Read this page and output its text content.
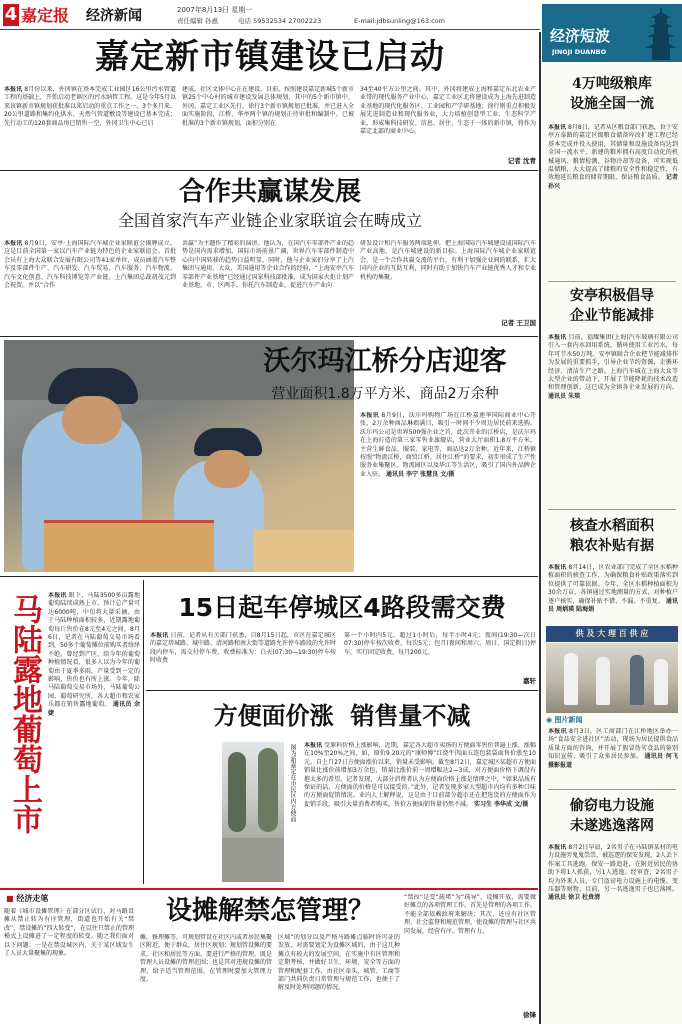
4 嘉定报	经济新闻	2007年8月13日 星期一
责任编辑 孙惠	电话 59532534 27002223	E-mail:jdbsunling@163.com
经济短波
JINGJI DUANBO
4万吨级粮库
设施全国一流
本报讯 8月8日，记者从区粮食部门获悉，位于安亭方泰路的嘉定区级粮食储备库改扩建工程已经基本完成并投入使用，其储量和设施设备均达到全国一流水平。新建的粮库拥有高度自动化的机械通风、粮情检测、谷物冷却等设备，可实现低温储粮，大大提高了储粮的安全性和稳定性，有效地延长粮食的储存期限，保证粮食品质。 记者 孙兴
安亭积极倡导
企业节能减排
本报讯 目前，福耀集团(上海)汽车玻璃有限公司引入一套内水回用系统，循环使用工业污水，每年可节水50万吨。安亭镇联合企业把节能减排作为发展的重要抓手，引导企业节约资源，走循环经济、清洁生产之路。上海汽车城在上海大众等大型企业的带动下，开展了节能降耗的技术改造和管理创新，这已成为全镇各企业发展的方向。 通讯员 朱琰
核查水稻面积
粮农补贴有据
本报讯 8月14日，区农业部门完成了全区水稻种植面积的核查工作，为确保粮食补贴政策落实到位提供了可靠依据。今年，全区水稻种植面积为30余万亩，各镇通过实地测量的方式，对种植户逐户核实，确保补贴不错、不漏、不重复。 通讯员 周炳瑛 陆海娟
供 及 大 理 百 供 应
◉ 图片新闻
本报讯 8月3日，区工商部门在江桥地区举办一场“食品安全进社区”活动，现场为居民提供食品质量方面的咨询，并开展了假冒伪劣食品的鉴别知识宣传，吸引了众多居民参加。 通讯员 何飞 摄影报道
偷窃电力设施
未遂逃逸落网
本报讯 8月2日早晨，2名男子在马陆镇某村的电力设施旁鬼鬼祟祟，被巡逻的保安发现，2人丢下作案工具逃跑。保安一路追赶，在附近居民的协助下将1人抓获，另1人逃逸。经审查，2名男子均为外来人员，专门盗窃电力设施上的电缆、变压器等财物。目前，另一名逃逸男子也已落网。 通讯员 徐卫 杜贵清
嘉定新市镇建设已启动
本报讯 8月份以来，外冈镇在基本完成工业园区16公里污水管道工程的基础上，开始启动老镇区的污水纳管工程，这是今年5月以来该镇新市镇规划获批准以来启动的重点工作之一。3个多月来，20公里道路和集约化供水、天然气管道敷设等建设已基本完成；先行动工的120套商品房已销售一空，外冈卫生中心已启
建成，社区文体中心正在建设。目前，按照建设嘉定新城5个新市镇25个中心村的城市建设发展总体规划，其中的5个新市镇中，外冈、嘉定工业区先行，徐行3个新市镇规划已批准，并已进入全面实施阶段，江桥、华亭两个镇的规划正待审批和编制中。已被批准的3个新市镇规划，面积分别在
34至40平方公里之间。其中，外冈将建成上海和嘉定东北农业产业带的现代服务产业中心，嘉定工业区北将建设成为上海先进制造业基地的现代化服务区、工业园和产学研基地；徐行则重点积极发展先进制造业和现代服务业，大力培植创意型工业、生态科学产业，形成集科技研发、信息、居住、生态于一体的新市镇，将作为嘉定北部的商业中心。
记者 沈青
合作共赢谋发展
全国首家汽车产业链企业家联谊会在畴成立
本报讯 8月9日，安亭·上海国际汽车城企业家联谊会揭牌成立，这是目前全国第一家以汽车产业链为特色的企业家联谊会。首批会员有上海大众联合发展有限公司等41家单位，成员涵盖汽车整车及零部件生产、汽车研发、汽车贸易、汽车服务、汽车物流、汽车文化创意、汽车科技博览等产业链。上汽集团总裁胡茂元到会祝贺，并以“合作
共赢”为主题作了精彩的演讲。他认为，在国汽车零部件产业的趋势是国内需求增加，国际市场前景广阔，世界汽车零部件制造中心向中国转移的趋势日益明显。同时，他与企业家们分享了上汽集团与通用、大众、美国通用等企业合作的经验，“上海安亭汽车零部件产业基地”已经通过国家科技部批准，成为国家火炬计划产业基地，市、区两手，你托汽车制造业，促进汽车产业向
研发设计和汽车服务两端延伸，把上海国际汽车城建设成国际汽车产业高地，是汽车城建设的新目标。上海国际汽车城企业家联谊会，是一个合作共赢交流的平台，有利于加强企业间的联系，扩大国内企业的互助互利，同时有助于加快汽车产业链优秀人才和专业机构的集聚。
记者 王卫国
沃尔玛江桥分店迎客
营业面积1.8万平方米、商品2万余种
本报讯 8月9日，沃尔玛购物广场在江桥嘉莲华国际商业中心开张，2万余种商品琳琅满目，吸引一时间不少周边居民前来选购。沃尔玛公司是世界500强企业之首，此次开业的江桥店，是沃尔玛在上海打造的第三家零售业旗舰店，营业大厅面积1.8万平方米，主营生鲜食品、服装、家电等，商品达2万余种。近年来，江桥镇按照“物流江桥，商贸江桥，居住江桥”的要求，初步形成了生产性服务业集聚区、物流园区以及华江等生活区，吸引了国内外品牌企业入驻。 通讯员 李宁 张慧良 文/摄
马陆露地葡萄上市 本报讯 眼下，马陆3500多亩露地葡萄陆续成熟上市，预计总产量可达6000吨，中旬将大量采摘。由于马陆种植面积较多，近期露地葡萄每斤售价在8元至4元之间。8月6日，记者在马陆葡萄交易市场看到，50多个葡萄摊位前购买者络绎不绝，曾经到产区，给今年的葡萄种植情况看，很多人以为今年的葡萄由于夏季多雨，产量受到一定的影响，售价也有所上涨。今年，除马陆葡萄交易市场外，马陆葡萄公园、葡萄研究所，各大超市和农家乐都在销售露地葡萄。 通讯员 余婕
15日起车停城区4路段需交费
本报讯 日前，记者从有关部门获悉，自8月15日起，市区在嘉定城区的嘉定塔城路、城中路、清河路和南大街等道路允许停车路段的允许时段内停车，需交付停车费。收费标准为：白天(07:30—19:30)停车按时收费
第一个小时内5元，超过1小时后，每半小时4元；夜间(19:30—次日07:30)停车按次收费，每次5元；包月(夜间和周六、周日、国定假日)停车，实行固定收费，每月200元。
嘉轩
方便面价涨  销售量不减
图为新嘉定在市民区内方便面	本报讯 受原料价格上涨影响，近期，嘉定各大超市卖场的方便面零售价普遍上涨，涨幅在10%至20%之间，如，原价9.20元的“康师傅”红烧牛肉面五连包装袋面售价涨至10元。自上月27日方便面涨价以来，销量未受影响。截至8月2日，嘉定城区某超市方便面销量比涨价前增加3万余包，销量比涨价前一周增幅达2—3成，对方便面价格下调没有抱太多的希望。记者发现，大部分消费者认为方便面价格上涨是情理之中，“如果品质有保证的话，方便面的价格是可以接受的。”此外，记者发现多家大型超市内均有多种口味的方便面促销情况。业内人士解释说，这是由于目前部分超市还在把选货的方便面作为促销手段，吸引大量消费者购买，售价方便面销售量仍然不减。 实习生 李华成 文/摄
■ 经济走笔	设摊解禁怎管理？
随着《城市设摊管理》在部分区试行，对马路设摊从禁止转为有序管理，街道也开始有关“禁改”，禁设摊的“四大转变”，在以往只禁止的管理模式上设摊进了一定程度的转变。随之我们面对以下问题：一是在禁设城区内，关于某区域发生了人员大量聚集的现象。
摊，修理摊等，可规划管设在社区内或者居民集聚区附近，便于群众，居住区规划；规划管设摊的要求，社区和居民等方面，要进行严格的管理，既是管理人员设摊的管理范围；也是其对违规设摊的管理，给予适当管理范围，在管理时要加大管理力度。
区域”的划分以及严格马路摊点临时许可证的发放，对需要划定为设摊区域的，由于这几种摊点有较大的发展空间，在实施中有区管理和定期考核，并做好卫生、环境、安全等方面的管理和配套工作，由社区牵头、城管、工商等部门共同负责日常管理与规范工作，也便于了解及时处理问题的情况。
“禁改”是变“疏堵”为“疏导”，设摊开放，需要做好摊点的各项管理工作。首先是管理的各项工作，不能全部依赖政府来解决；其次，还应有社区管理、社会监督和规范管理，使设摊的管理与社区共同发展，经营有序，管理有力。
徐锋
